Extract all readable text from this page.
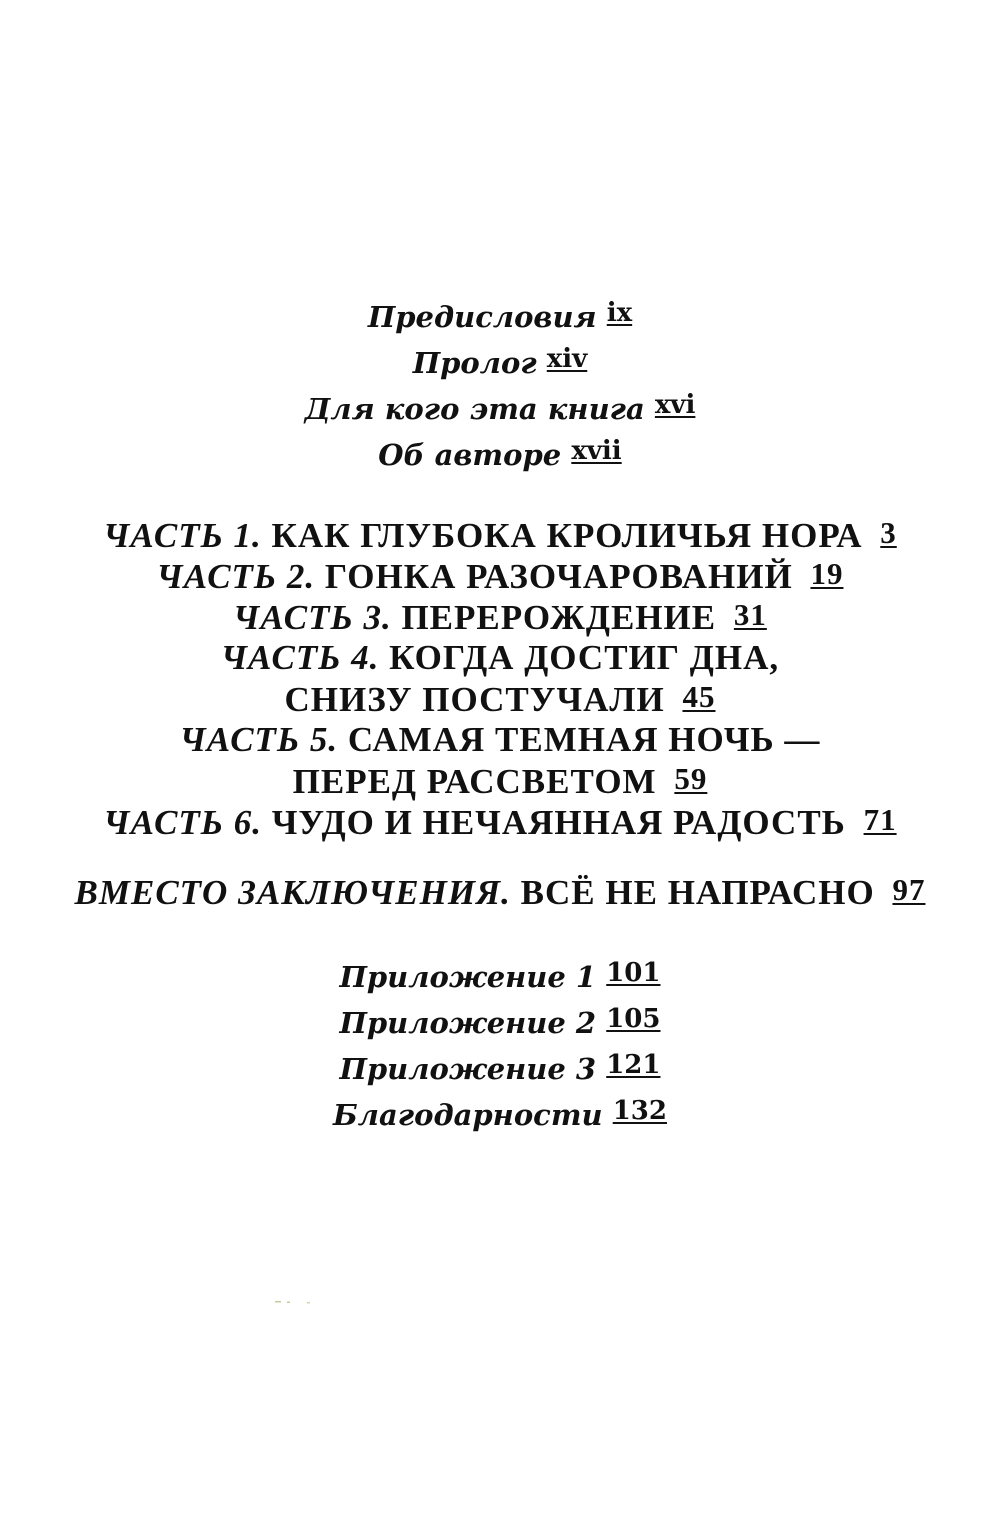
Предисловия ix
Пролог xiv
Для кого эта книга xvi
Об авторе xvii
ЧАСТЬ 1. КАК ГЛУБОКА КРОЛИЧЬЯ НОРА 3
ЧАСТЬ 2. ГОНКА РАЗОЧАРОВАНИЙ 19
ЧАСТЬ 3. ПЕРЕРОЖДЕНИЕ 31
ЧАСТЬ 4. КОГДА ДОСТИГ ДНА,
СНИЗУ ПОСТУЧАЛИ 45
ЧАСТЬ 5. САМАЯ ТЕМНАЯ НОЧЬ —
ПЕРЕД РАССВЕТОМ 59
ЧАСТЬ 6. ЧУДО И НЕЧАЯННАЯ РАДОСТЬ 71
ВМЕСТО ЗАКЛЮЧЕНИЯ. ВСЁ НЕ НАПРАСНО 97
Приложение 1 101
Приложение 2 105
Приложение 3 121
Благодарности 132
